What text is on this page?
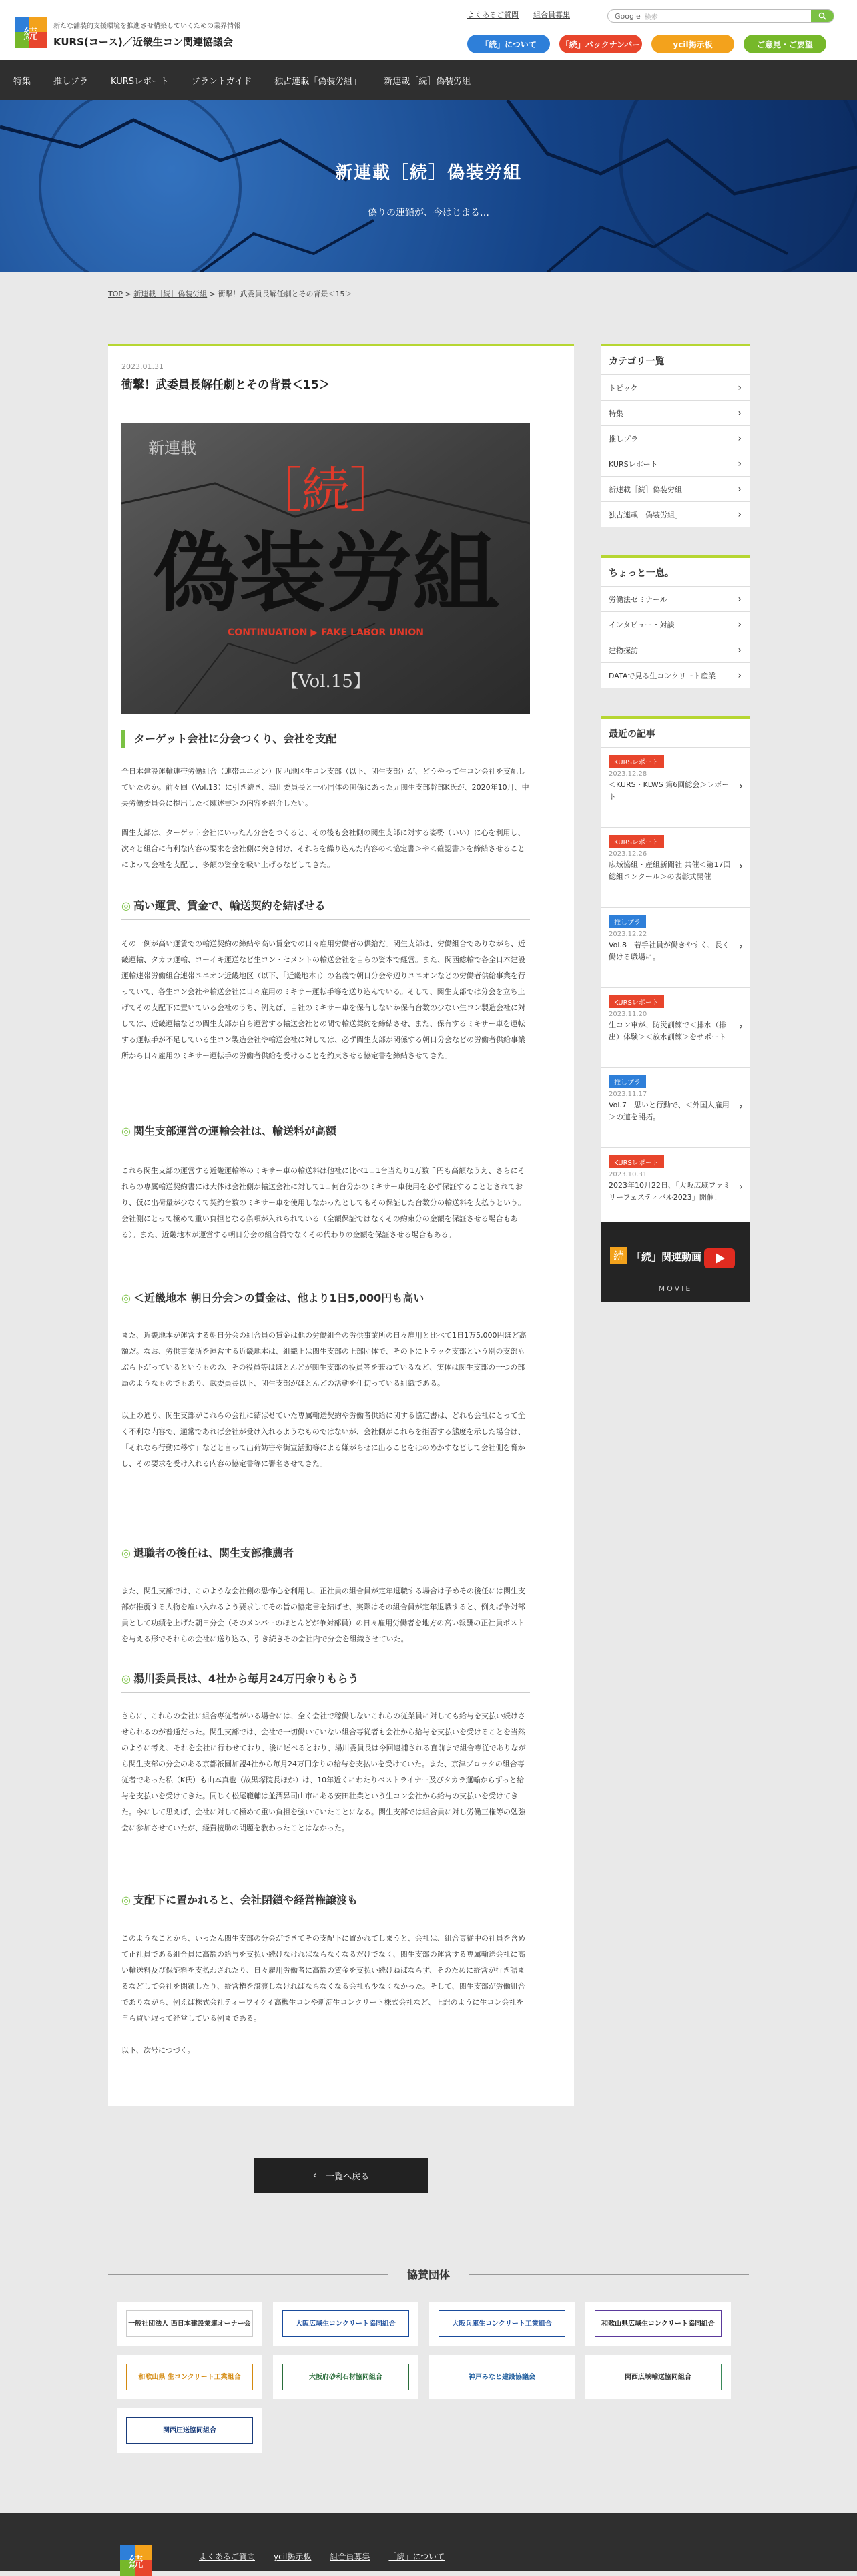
続
新たな舗装的支援環境を推進させ構築していくための業界情報
KURS(コース)／近畿生コン関連協議会
よくあるご質問 組合員募集	Google 検索
「続」について	「続」バックナンバー	ycil掲示板	ご意見・ご要望
特集	推しプラ	KURSレポート	プラントガイド	独占連載「偽装労組」	新連載［続］偽装労組
新連載［続］偽装労組
偽りの連鎖が、今はじまる…
TOP > 新連載［続］偽装労組 > 衝撃！武委員長解任劇とその背景＜15＞
2023.01.31
衝撃！武委員長解任劇とその背景＜15＞
新連載
［続］
偽装労組
CONTINUATION ▶ FAKE LABOR UNION
【Vol.15】
ターゲット会社に分会つくり、会社を支配
全日本建設運輸連帯労働組合（連帯ユニオン）関西地区生コン支部（以下、関生支部）が、どうやって生コン会社を支配していたのか。前々回（Vol.13）に引き続き、湯川委員長と一心同体の関係にあった元関生支部幹部K氏が、2020年10月、中央労働委員会に提出した＜陳述書＞の内容を紹介したい。
関生支部は、ターゲット会社にいったん分会をつくると、その後も会社側の関生支部に対する姿勢（いい）に心を利用し、次々と組合に有利な内容の要求を会社側に突き付け、それらを繰り込んだ内容の＜協定書＞や＜確認書＞を締結させることによって会社を支配し、多額の資金を吸い上げるなどしてきた。
◎ 高い運賃、賃金で、輸送契約を結ばせる
その一例が高い運賃での輸送契約の締結や高い賃金での日々雇用労働者の供給だ。関生支部は、労働組合でありながら、近畿運輸、タカラ運輸、コーイキ運送など生コン・セメントの輸送会社を自らの資本で経営。また、関西総輸で各全日本建設運輸連帯労働組合連帯ユニオン近畿地区（以下、「近畿地本」）の名義で朝日分会や辺りユニオンなどの労働者供給事業を行っていて、各生コン会社や輸送会社に日々雇用のミキサー運転手等を送り込んでいる。そして、関生支部では分会を立ち上げてその支配下に置いている会社のうち、例えば、自社のミキサー車を保有しないか保有台数の少ない生コン製造会社に対しては、近畿運輸などの関生支部が自ら運営する輸送会社との間で輸送契約を締結させ、また、保有するミキサー車を運転する運転手が不足している生コン製造会社や輸送会社に対しては、必ず関生支部が関係する朝日分会などの労働者供給事業所から日々雇用のミキサー運転手の労働者供給を受けることを約束させる協定書を締結させてきた。
◎ 関生支部運営の運輸会社は、輸送料が高額
これら関生支部の運営する近畿運輸等のミキサー車の輸送料は他社に比べ1日1台当たり1万数千円も高額なうえ、さらにそれらの専属輸送契約書には大体は会社側が輸送会社に対して1日何台分かのミキサー車使用を必ず保証することとされており、仮に出荷量が少なくて契約台数のミキサー車を使用しなかったとしてもその保証した台数分の輸送料を支払うという。会社側にとって極めて重い負担となる条項が入れられている（全額保証ではなくその約束分の金額を保証させる場合もある）。また、近畿地本が運営する朝日分会の組合員でなくその代わりの金額を保証させる場合もある。
◎ ＜近畿地本 朝日分会＞の賃金は、他より1日5,000円も高い
また、近畿地本が運営する朝日分会の組合員の賃金は他の労働組合の労供事業所の日々雇用と比べて1日1万5,000円ほど高額だ。なお、労供事業所を運営する近畿地本は、組織上は関生支部の上部団体で、その下にトラック支部という別の支部もぶら下がっているというものの、その役員等はほとんどが関生支部の役員等を兼ねているなど、実体は関生支部の一つの部局のようなものでもあり、武委員長以下、関生支部がほとんどの活動を仕切っている組織である。

以上の通り、関生支部がこれらの会社に結ばせていた専属輸送契約や労働者供給に関する協定書は、どれも会社にとって全く不利な内容で、通常であれば会社が受け入れるようなものではないが、会社側がこれらを拒否する態度を示した場合は、「それなら行動に移す」などと言って出荷妨害や街宣活動等による嫌がらせに出ることをほのめかすなどして会社側を脅かし、その要求を受け入れる内容の協定書等に署名させてきた。
◎ 退職者の後任は、関生支部推薦者
また、関生支部では、このような会社側の恐怖心を利用し、正社員の組合員が定年退職する場合は予めその後任には関生支部が推薦する人物を雇い入れるよう要求してその旨の協定書を結ばせ、実際はその組合員が定年退職すると、例えば争対部員として功績を上げた朝日分会（そのメンバーのほとんどが争対部員）の日々雇用労働者を地方の高い報酬の正社員ポストを与える形でそれらの会社に送り込み、引き続きその会社内で分会を組織させていた。
◎ 湯川委員長は、4社から毎月24万円余りもらう
さらに、これらの会社に組合専従者がいる場合には、全く会社で稼働しないこれらの従業員に対しても給与を支払い続けさせられるのが普通だった。関生支部では、会社で一切働いていない組合専従者も会社から給与を支払いを受けることを当然のように考え、それを会社に行わせており、後に述べるとおり、湯川委員長は今回逮捕される直前まで組合専従でありながら関生支部の分会のある京都祇園加盟4社から毎月24万円余りの給与を支払いを受けていた。また、京津ブロックの組合専従者であった私（K氏）も山本真也（故黒塚院長ほか）は、10年近くにわたりベストライナー及びタカラ運輸からずっと給与を支払いを受けてきた。同じく松尾範輔は並潤昇司山市にある安田壮業という生コン会社から給与の支払いを受けてきた。今にして思えば、会社に対して極めて重い負担を強いていたことになる。関生支部では組合員に対し労働三権等の勉強会に参加させていたが、経費接助の問題を教わったことはなかった。
◎ 支配下に置かれると、会社閉鎖や経営権譲渡も
このようなことから、いったん関生支部の分会ができてその支配下に置かれてしまうと、会社は、組合専従中の社員を含めて正社員である組合員に高額の給与を支払い続けなければならなくなるだけでなく、関生支部の運営する専属輸送会社に高い輸送料及び保証料を支払わされたり、日々雇用労働者に高額の賃金を支払い続けねばならず、そのために経営が行き詰まるなどして会社を閉鎖したり、経営権を譲渡しなければならなくなる会社も少なくなかった。そして、関生支部が労働組合でありながら、例えば株式会社ティーワイケイ高槻生コンや新淀生コンクリート株式会社など、上記のように生コン会社を自ら買い取って経営している例まである。

以下、次号につづく。
‹ 一覧へ戻る
カテゴリ一覧
トピック	›
特集	›
推しプラ	›
KURSレポート	›
新連載［続］偽装労組	›
独占連載「偽装労組」	›
ちょっと一息。
労働法ゼミナール	›
インタビュー・対談	›
建物探訪	›
DATAで見る生コンクリート産業 ›
最近の記事
KURSレポート
2023.12.28
＜KURS・KLWS 第6回総会＞レポート
›
KURSレポート
2023.12.26
広域協組・産組新聞社 共催＜第17回総組コンクール＞の表彰式開催
›
推しプラ
2023.12.22
Vol.8　若手社員が働きやすく、長く働ける職場に。
›
KURSレポート
2023.11.20
生コン車が、防災訓練で＜排水（排出）体験＞＜放水訓練＞をサポート
›
推しプラ
2023.11.17
Vol.7　思いと行動で、＜外国人雇用＞の道を開拓。
›
KURSレポート
2023.10.31
2023年10月22日、「大阪広域ファミリーフェスティバル2023」開催！
›
続 「続」関連動画
MOVIE
協賛団体
一般社団法人 西日本建設業連オーナー会	大阪広域生コンクリート協同組合	大阪兵庫生コンクリート工業組合	和歌山県広域生コンクリート協同組合
和歌山県 生コンクリート工業組合	大阪府砂利石材協同組合	神戸みなと建設協議会	関西広域輸送協同組合
関西圧送協同組合
続	よくあるご質問 ycil掲示板 組合員募集 「続」について
